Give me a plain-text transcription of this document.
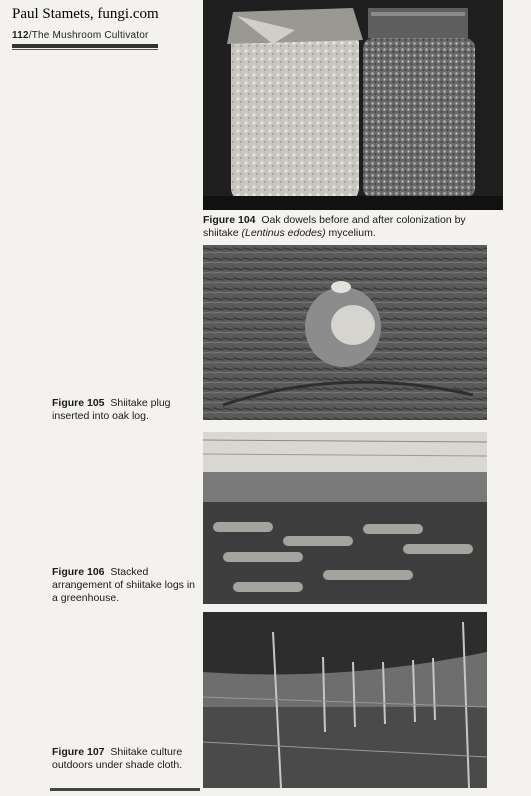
Paul Stamets, fungi.com
112/The Mushroom Cultivator
Figure 104 Oak dowels before and after colonization by shiitake (Lentinus edodes) mycelium.
Figure 105 Shiitake plug inserted into oak log.
Figure 106 Stacked arrangement of shiitake logs in a greenhouse.
Figure 107 Shiitake culture outdoors under shade cloth.
